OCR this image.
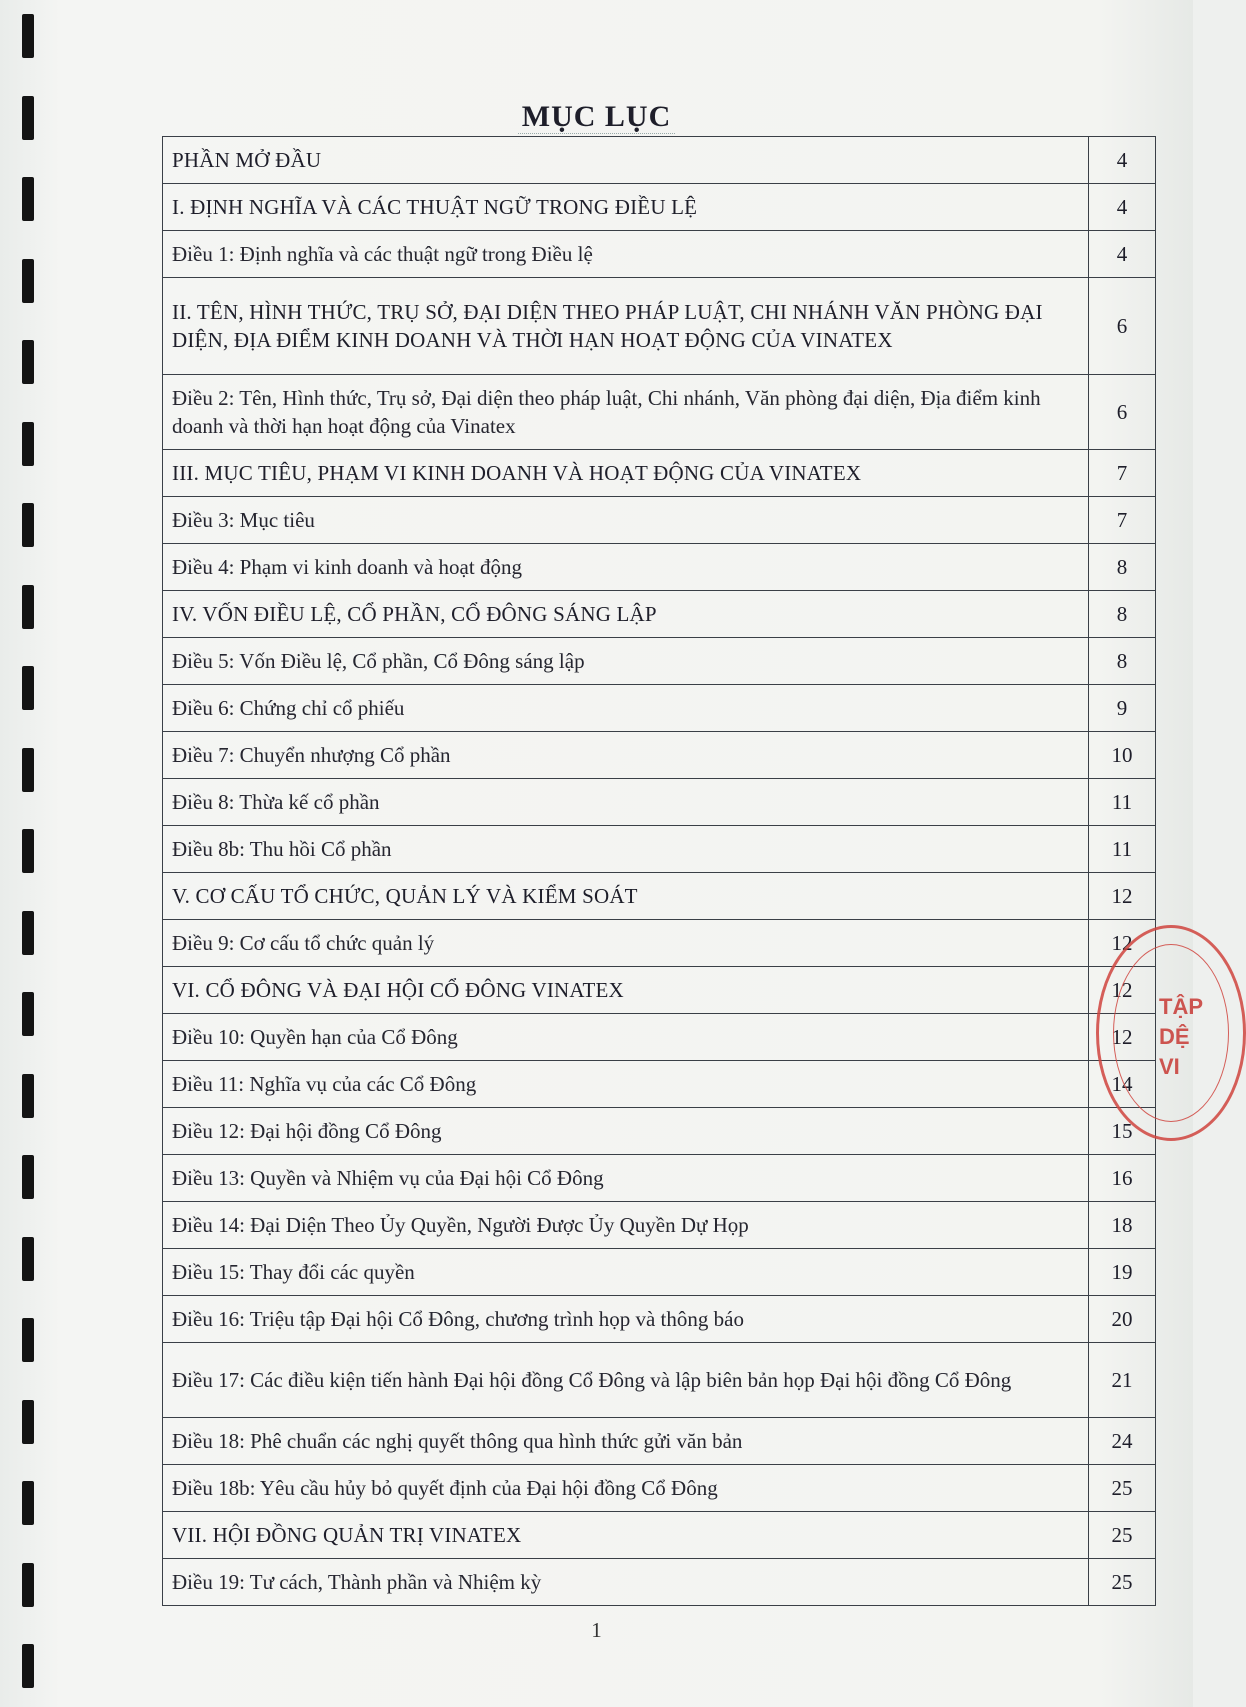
MỤC LỤC
PHẦN MỞ ĐẦU	4
I. ĐỊNH NGHĨA VÀ CÁC THUẬT NGỮ TRONG ĐIỀU LỆ	4
Điều 1: Định nghĩa và các thuật ngữ trong Điều lệ	4
II. TÊN, HÌNH THỨC, TRỤ SỞ, ĐẠI DIỆN THEO PHÁP LUẬT, CHI NHÁNH VĂN PHÒNG ĐẠI DIỆN, ĐỊA ĐIỂM KINH DOANH VÀ THỜI HẠN HOẠT ĐỘNG CỦA VINATEX	6
Điều 2: Tên, Hình thức, Trụ sở, Đại diện theo pháp luật, Chi nhánh, Văn phòng đại diện, Địa điểm kinh doanh và thời hạn hoạt động của Vinatex	6
III. MỤC TIÊU, PHẠM VI KINH DOANH VÀ HOẠT ĐỘNG CỦA VINATEX	7
Điều 3: Mục tiêu	7
Điều 4: Phạm vi kinh doanh và hoạt động	8
IV. VỐN ĐIỀU LỆ, CỔ PHẦN, CỔ ĐÔNG SÁNG LẬP	8
Điều 5: Vốn Điều lệ, Cổ phần, Cổ Đông sáng lập	8
Điều 6: Chứng chỉ cổ phiếu	9
Điều 7: Chuyển nhượng Cổ phần	10
Điều 8: Thừa kế cổ phần	11
Điều 8b: Thu hồi Cổ phần	11
V. CƠ CẤU TỔ CHỨC, QUẢN LÝ VÀ KIỂM SOÁT	12
Điều 9: Cơ cấu tổ chức quản lý	12
VI. CỔ ĐÔNG VÀ ĐẠI HỘI CỔ ĐÔNG VINATEX	12
Điều 10: Quyền hạn của Cổ Đông	12
Điều 11: Nghĩa vụ của các Cổ Đông	14
Điều 12: Đại hội đồng Cổ Đông	15
Điều 13: Quyền và Nhiệm vụ của Đại hội Cổ Đông	16
Điều 14: Đại Diện Theo Ủy Quyền, Người Được Ủy Quyền Dự Họp	18
Điều 15: Thay đổi các quyền	19
Điều 16: Triệu tập Đại hội Cổ Đông, chương trình họp và thông báo	20
Điều 17: Các điều kiện tiến hành Đại hội đồng Cổ Đông và lập biên bản họp Đại hội đồng Cổ Đông	21
Điều 18: Phê chuẩn các nghị quyết thông qua hình thức gửi văn bản	24
Điều 18b: Yêu cầu hủy bỏ quyết định của Đại hội đồng Cổ Đông	25
VII. HỘI ĐỒNG QUẢN TRỊ VINATEX	25
Điều 19: Tư cách, Thành phần và Nhiệm kỳ	25
TẬP
DỆ
VI
1
